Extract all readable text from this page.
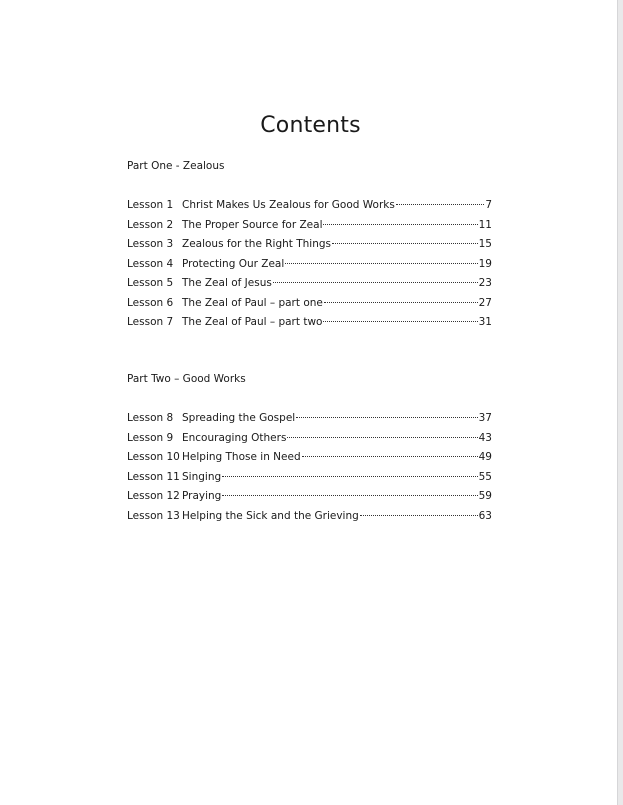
Contents
Part One - Zealous
Lesson 1 Christ Makes Us Zealous for Good Works	7
Lesson 2 The Proper Source for Zeal	11
Lesson 3 Zealous for the Right Things	15
Lesson 4 Protecting Our Zeal	19
Lesson 5 The Zeal of Jesus	23
Lesson 6 The Zeal of Paul – part one	27
Lesson 7 The Zeal of Paul – part two	31
Part Two – Good Works
Lesson 8 Spreading the Gospel	37
Lesson 9 Encouraging Others	43
Lesson 10 Helping Those in Need	49
Lesson 11 Singing	55
Lesson 12 Praying	59
Lesson 13 Helping the Sick and the Grieving	63
